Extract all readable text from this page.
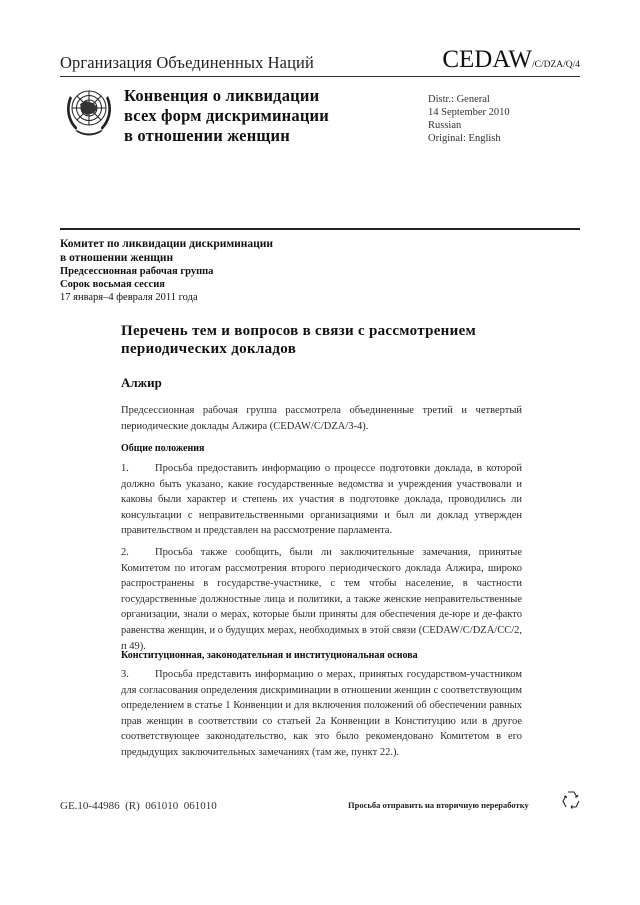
Организация Объединенных Наций	CEDAW/C/DZA/Q/4
Конвенция о ликвидации
всех форм дискриминации
в отношении женщин
Distr.: General
14 September 2010
Russian
Original: English
Комитет по ликвидации дискриминации
в отношении женщин
Предсессионная рабочая группа
Сорок восьмая сессия
17 января–4 февраля 2011 года
Перечень тем и вопросов в связи с рассмотрением
периодических докладов
Алжир
Предсессионная рабочая группа рассмотрела объединенные третий и четвертый периодические доклады Алжира (CEDAW/C/DZA/3-4).
Общие положения
1. Просьба предоставить информацию о процессе подготовки доклада, в которой должно быть указано, какие государственные ведомства и учреждения участвовали и каковы были характер и степень их участия в подготовке доклада, проводились ли консультации с неправительственными организациями и был ли доклад утвержден правительством и представлен на рассмотрение парламента.
2. Просьба также сообщить, были ли заключительные замечания, принятые Комитетом по итогам рассмотрения второго периодического доклада Алжира, широко распространены в государстве-участнике, с тем чтобы население, в частности государственные должностные лица и политики, а также женские неправительственные организации, знали о мерах, которые были приняты для обеспечения де-юре и де-факто равенства женщин, и о будущих мерах, необходимых в этой связи (CEDAW/C/DZA/CC/2, п 49).
Конституционная, законодательная и институциональная основа
3. Просьба представить информацию о мерах, принятых государством-участником для согласования определения дискриминации в отношении женщин с соответствующим определением в статье 1 Конвенции и для включения положений об обеспечении равных прав женщин в соответствии со статьей 2a Конвенции в Конституцию или в другое соответствующее законодательство, как это было рекомендовано Комитетом в его предыдущих заключительных замечаниях (там же, пункт 22.).
GE.10-44986  (R)  061010  061010	Просьба отправить на вторичную переработку
